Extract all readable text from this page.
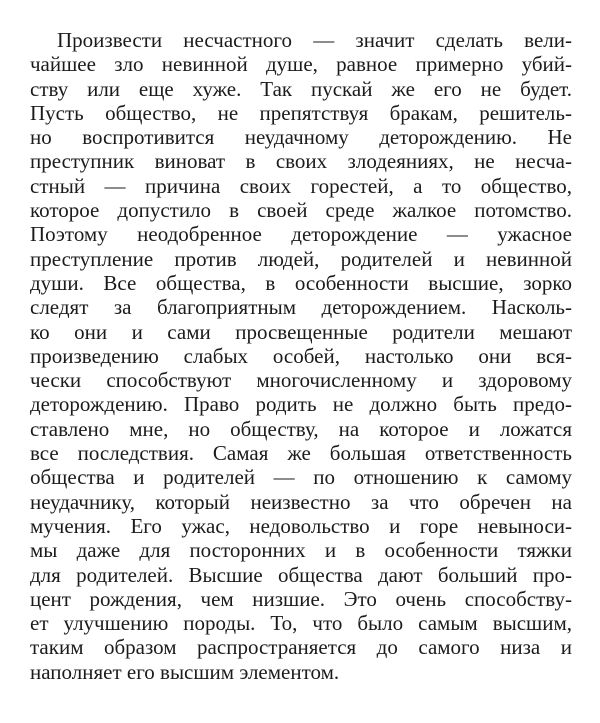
Произвести несчастного — значит сделать вели-
чайшее зло невинной душе, равное примерно убий-
ству или еще хуже. Так пускай же его не будет.
Пусть общество, не препятствуя бракам, решитель-
но воспротивится неудачному деторождению. Не
преступник виноват в своих злодеяниях, не несча-
стный — причина своих горестей, а то общество,
которое допустило в своей среде жалкое потомство.
Поэтому неодобренное деторождение — ужасное
преступление против людей, родителей и невинной
души. Все общества, в особенности высшие, зорко
следят за благоприятным деторождением. Насколь-
ко они и сами просвещенные родители мешают
произведению слабых особей, настолько они вся-
чески способствуют многочисленному и здоровому
деторождению. Право родить не должно быть предо-
ставлено мне, но обществу, на которое и ложатся
все последствия. Самая же большая ответственность
общества и родителей — по отношению к самому
неудачнику, который неизвестно за что обречен на
мучения. Его ужас, недовольство и горе невыноси-
мы даже для посторонних и в особенности тяжки
для родителей. Высшие общества дают больший про-
цент рождения, чем низшие. Это очень способству-
ет улучшению породы. То, что было самым высшим,
таким образом распространяется до самого низа и
наполняет его высшим элементом.
